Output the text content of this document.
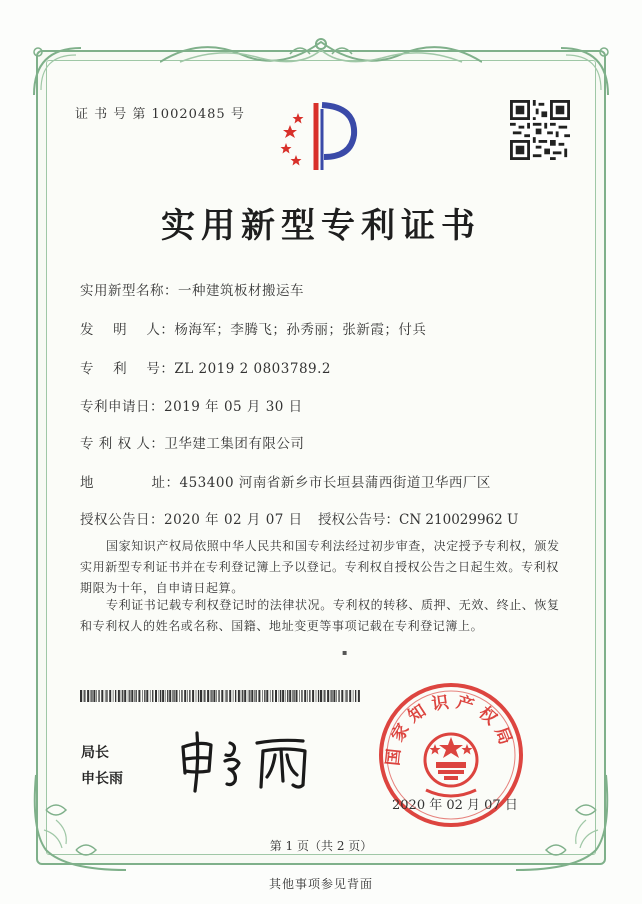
证 书 号 第 10020485 号
实用新型专利证书
实用新型名称：一种建筑板材搬运车
发    明    人：杨海军；李腾飞；孙秀丽；张新霞；付兵
专    利    号：ZL 2019 2 0803789.2
专利申请日：2019 年 05 月 30 日
专 利 权 人：卫华建工集团有限公司
地            址：453400 河南省新乡市长垣县蒲西街道卫华西厂区
授权公告日：2020 年 02 月 07 日 授权公告号：CN 210029962 U
国家知识产权局依照中华人民共和国专利法经过初步审查，决定授予专利权，颁发实用新型专利证书并在专利登记簿上予以登记。专利权自授权公告之日起生效。专利权期限为十年，自申请日起算。
专利证书记载专利权登记时的法律状况。专利权的转移、质押、无效、终止、恢复和专利权人的姓名或名称、国籍、地址变更等事项记载在专利登记簿上。
▪
局长
申长雨
国家知识产权局
2020 年 02 月 07 日
第 1 页（共 2 页）
其他事项参见背面
